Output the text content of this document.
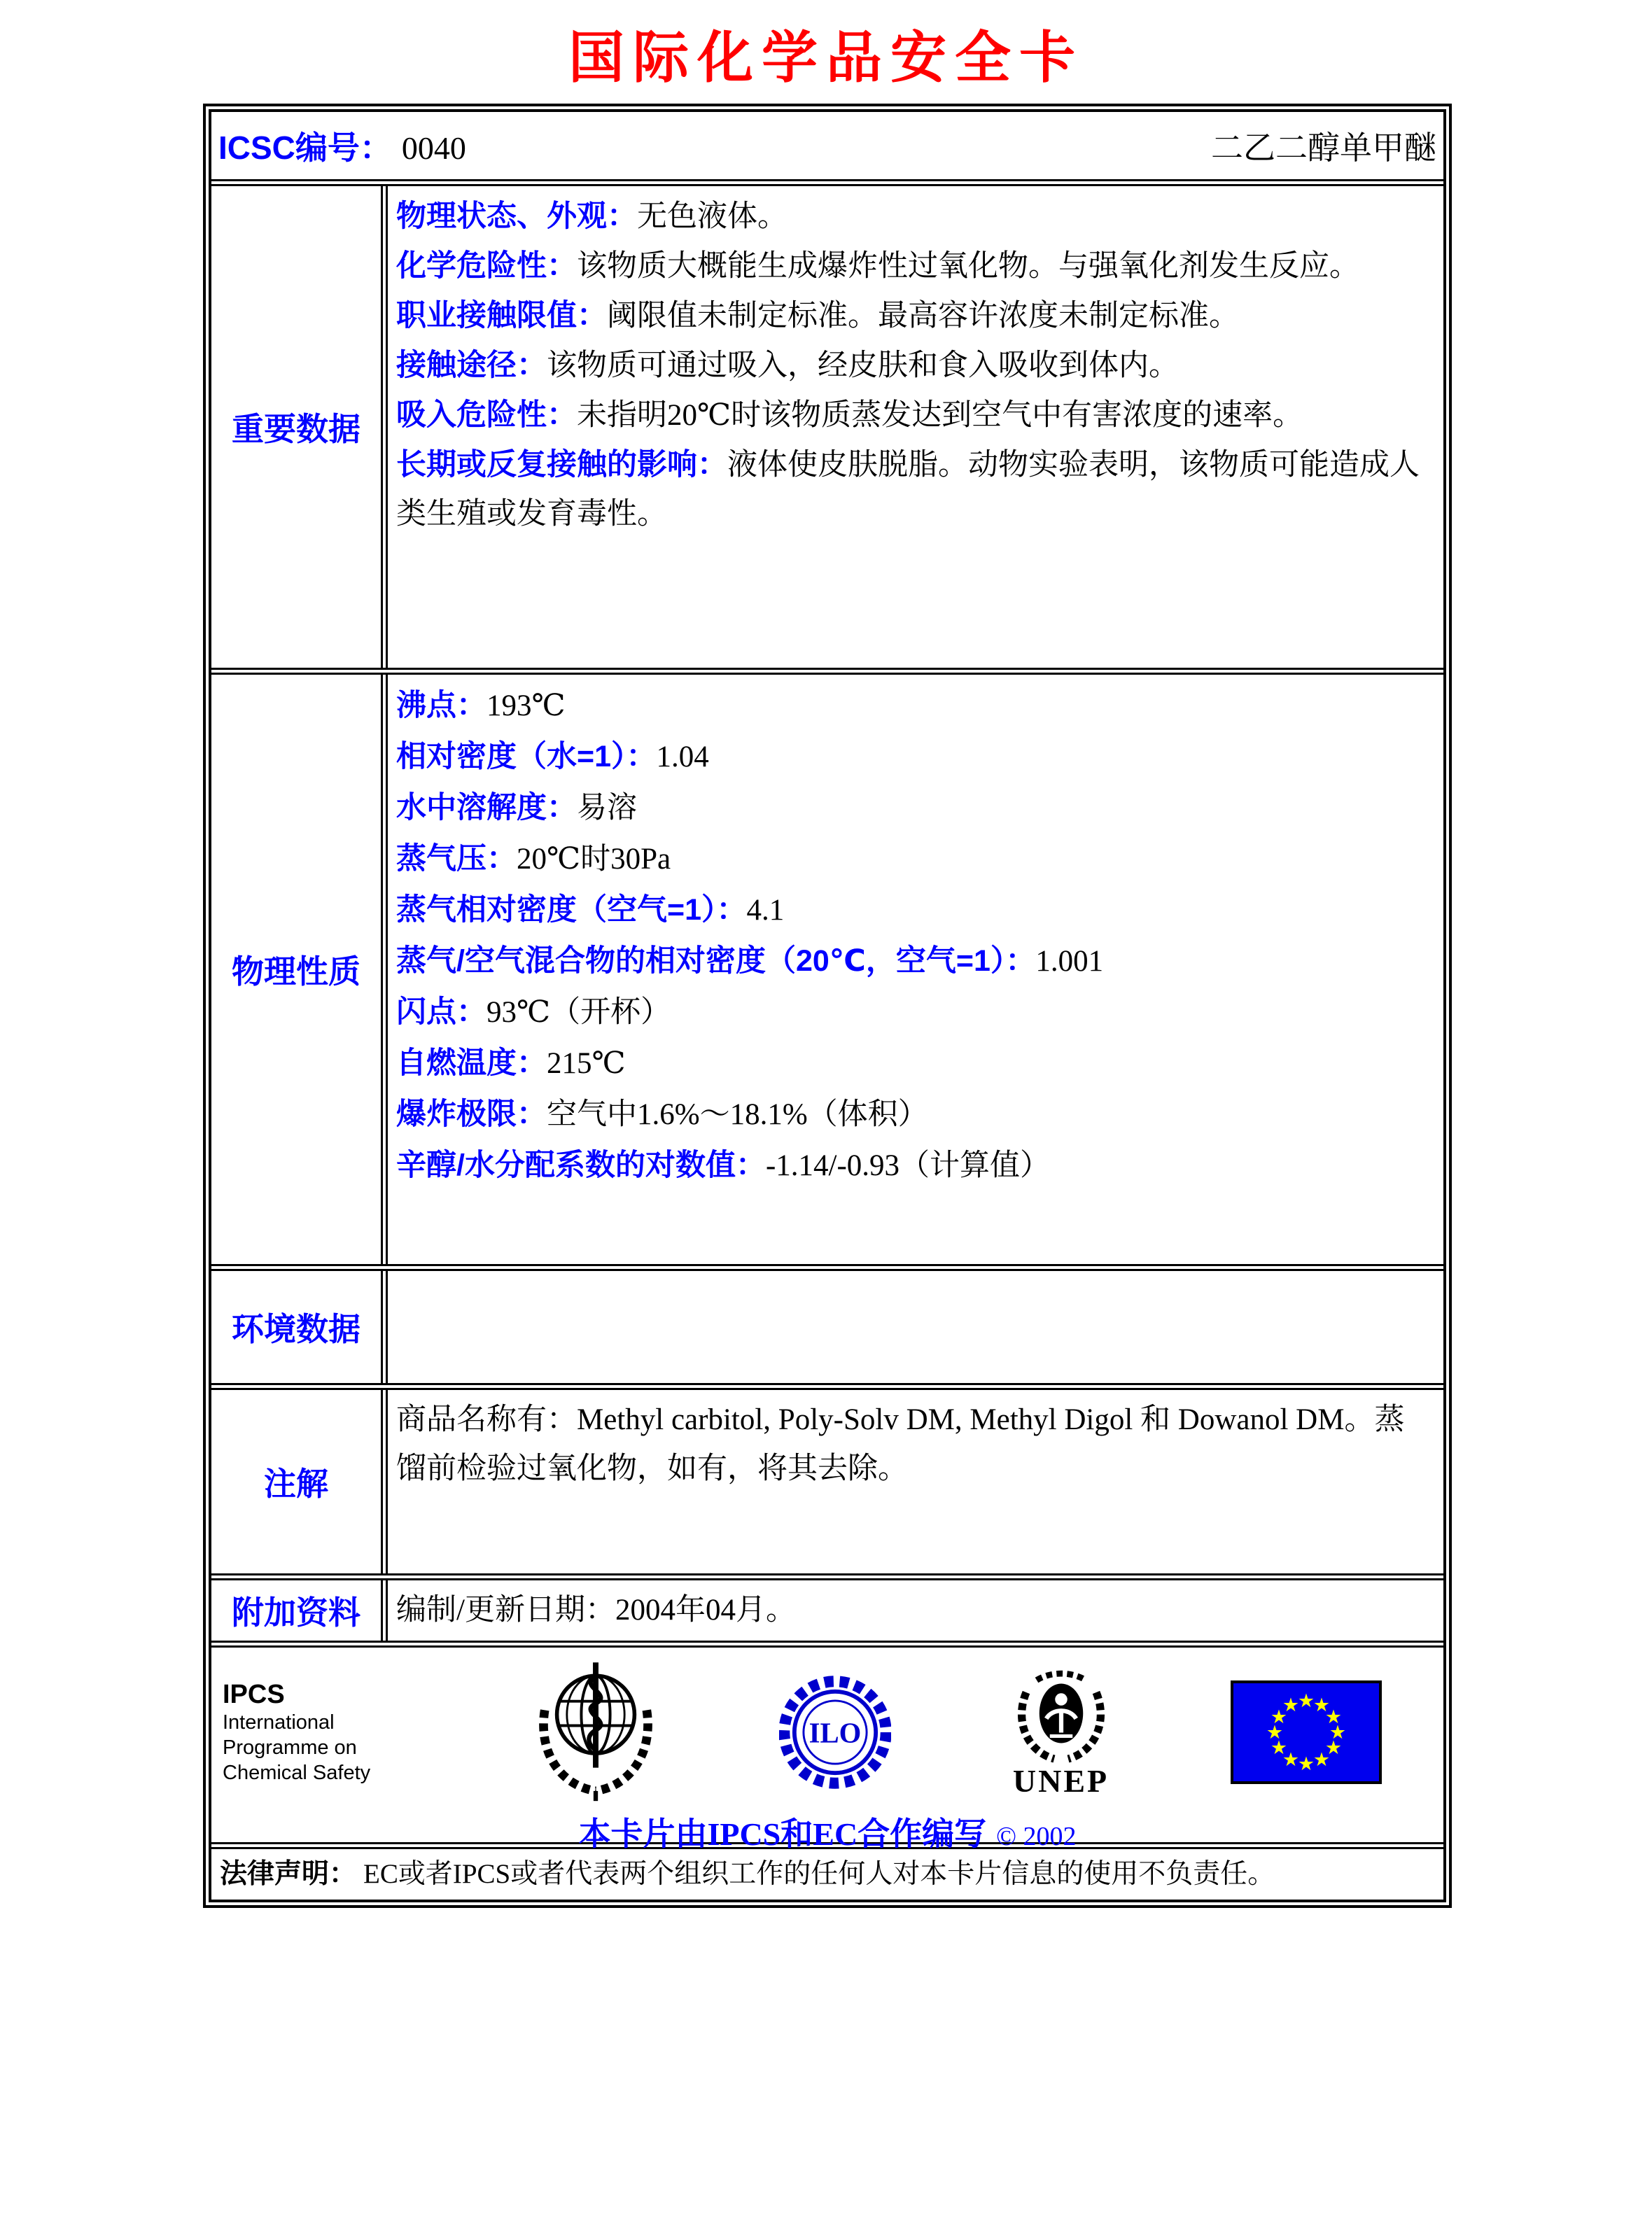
国际化学品安全卡
ICSC编号： 0040	二乙二醇单甲醚
重要数据

物理状态、外观：无色液体。

化学危险性：该物质大概能生成爆炸性过氧化物。与强氧化剂发生反应。

职业接触限值：阈限值未制定标准。最高容许浓度未制定标准。

接触途径：该物质可通过吸入，经皮肤和食入吸收到体内。

吸入危险性：未指明20℃时该物质蒸发达到空气中有害浓度的速率。

长期或反复接触的影响：液体使皮肤脱脂。动物实验表明，该物质可能造成人类生殖或发育毒性。

物理性质

沸点：193℃

相对密度（水=1）：1.04

水中溶解度：易溶

蒸气压：20℃时30Pa

蒸气相对密度（空气=1）：4.1

蒸气/空气混合物的相对密度（20℃，空气=1）：1.001

闪点：93℃（开杯）

自燃温度：215℃

爆炸极限：空气中1.6%～18.1%（体积）

辛醇/水分配系数的对数值：-1.14/-0.93（计算值）

环境数据
注解

商品名称有：Methyl carbitol, Poly-Solv DM, Methyl Digol 和 Dowanol DM。蒸馏前检验过氧化物，如有，将其去除。

附加资料	编制/更新日期：2004年04月。

IPCS
International
Programme on
Chemical Safety
ILO
UNEP
★
★
★
★
★
★
★
★
★
★
★
★
本卡片由IPCS和EC合作编写 © 2002
法律声明： EC或者IPCS或者代表两个组织工作的任何人对本卡片信息的使用不负责任。
